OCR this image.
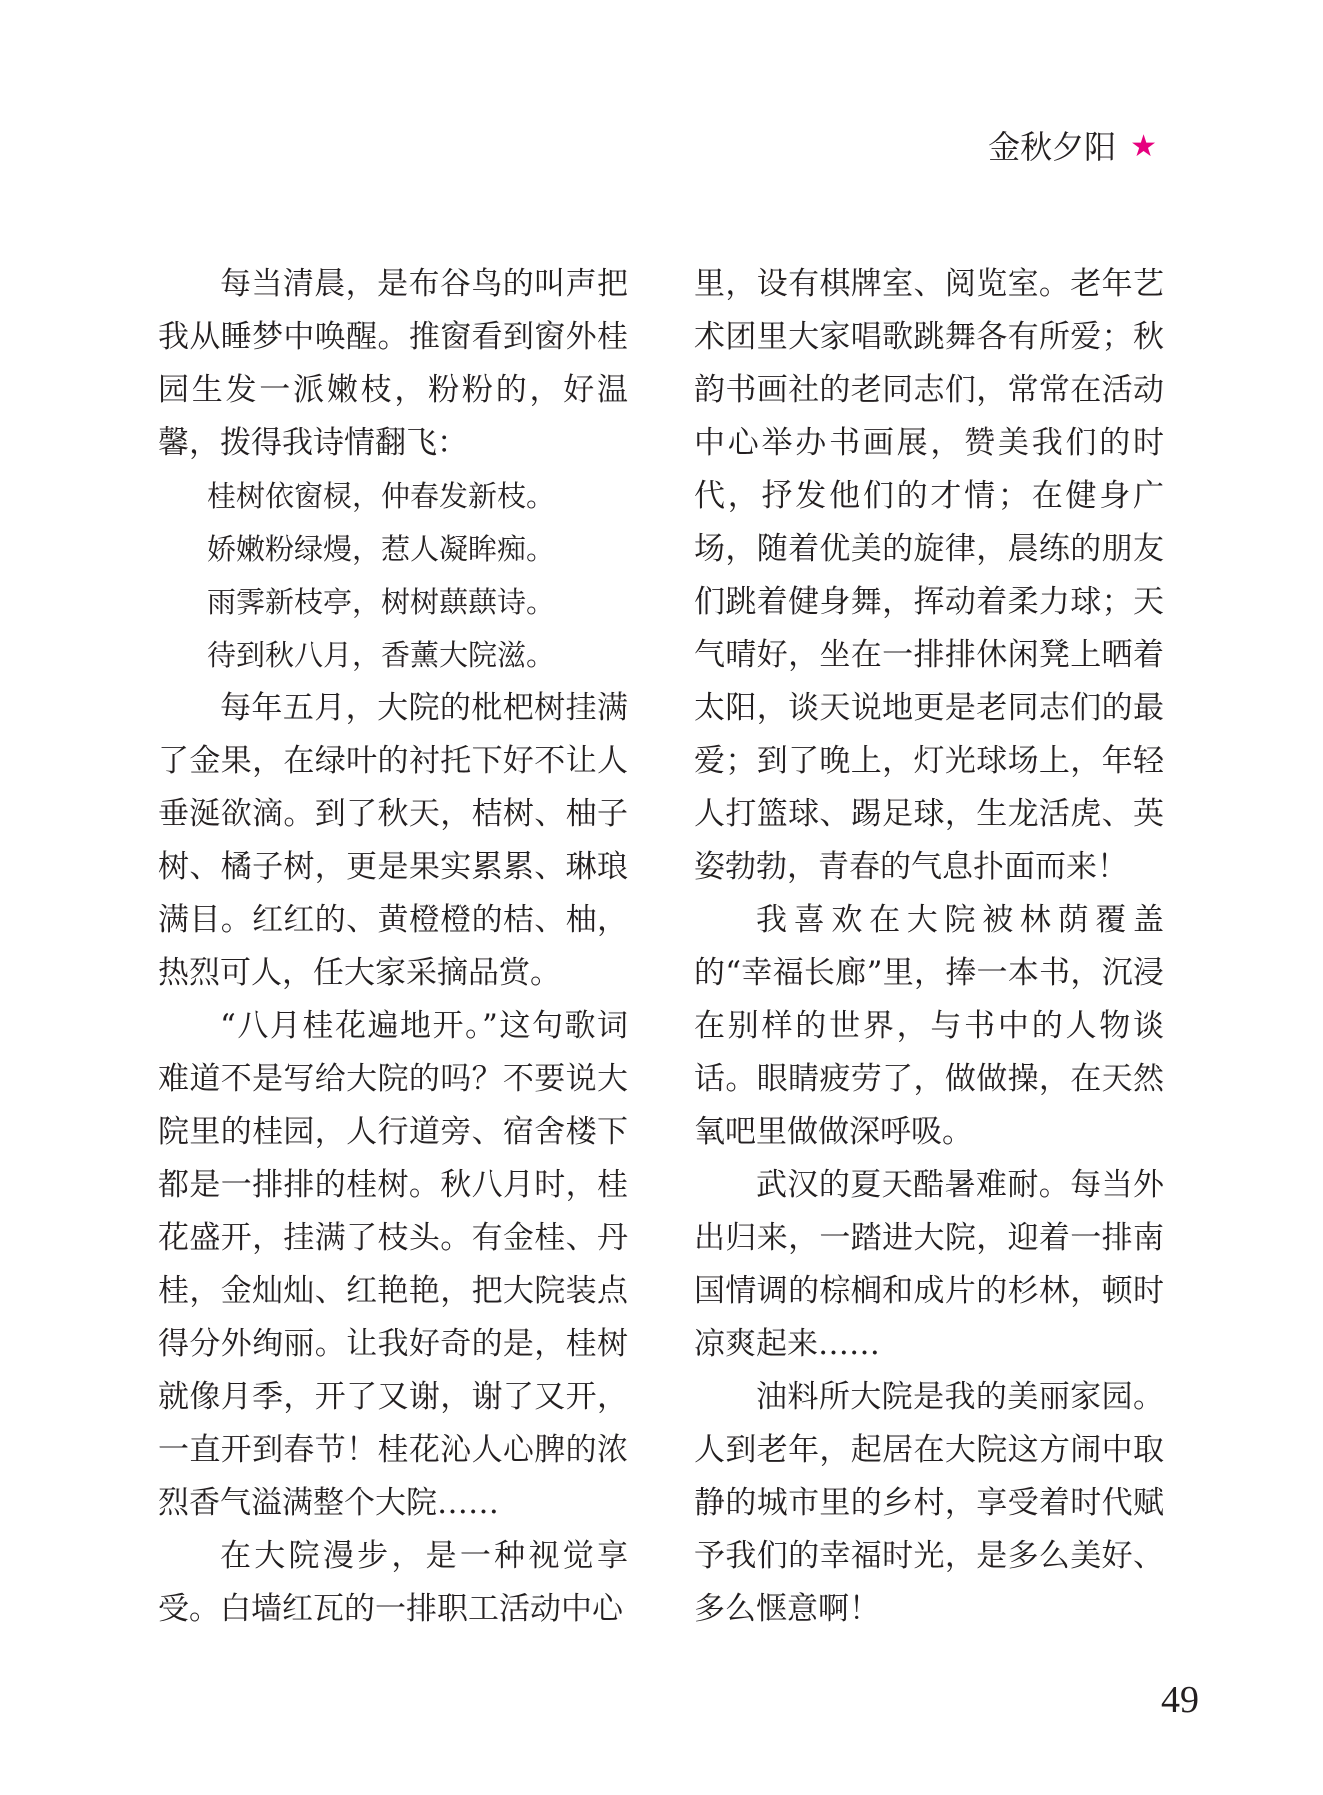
金秋夕阳 ★

每当清晨，是布谷鸟的叫声把我从睡梦中唤醒。推窗看到窗外桂园生发一派嫩枝，粉粉的，好温馨，拨得我诗情翻飞：

桂树依窗棂，仲春发新枝。

娇嫩粉绿熳，惹人凝眸痴。

雨霁新枝亭，树树蕻蕻诗。

待到秋八月，香薰大院滋。

每年五月，大院的枇杷树挂满了金果，在绿叶的衬托下好不让人垂涎欲滴。到了秋天，桔树、柚子树、橘子树，更是果实累累、琳琅满目。红红的、黄橙橙的桔、柚，热烈可人，任大家采摘品赏。

“八月桂花遍地开。”这句歌词难道不是写给大院的吗？不要说大院里的桂园，人行道旁、宿舍楼下都是一排排的桂树。秋八月时，桂花盛开，挂满了枝头。有金桂、丹桂，金灿灿、红艳艳，把大院装点得分外绚丽。让我好奇的是，桂树就像月季，开了又谢，谢了又开，一直开到春节！桂花沁人心脾的浓烈香气溢满整个大院……

在大院漫步，是一种视觉享受。白墙红瓦的一排职工活动中心

里，设有棋牌室、阅览室。老年艺术团里大家唱歌跳舞各有所爱；秋韵书画社的老同志们，常常在活动中心举办书画展，赞美我们的时代，抒发他们的才情；在健身广场，随着优美的旋律，晨练的朋友们跳着健身舞，挥动着柔力球；天气晴好，坐在一排排休闲凳上晒着太阳，谈天说地更是老同志们的最爱；到了晚上，灯光球场上，年轻人打篮球、踢足球，生龙活虎、英姿勃勃，青春的气息扑面而来！

我喜欢在大院被林荫覆盖的“幸福长廊”里，捧一本书，沉浸在别样的世界，与书中的人物谈话。眼睛疲劳了，做做操，在天然氧吧里做做深呼吸。

武汉的夏天酷暑难耐。每当外出归来，一踏进大院，迎着一排南国情调的棕榈和成片的杉林，顿时凉爽起来……

油料所大院是我的美丽家园。人到老年，起居在大院这方闹中取静的城市里的乡村，享受着时代赋予我们的幸福时光，是多么美好、多么惬意啊！

49
